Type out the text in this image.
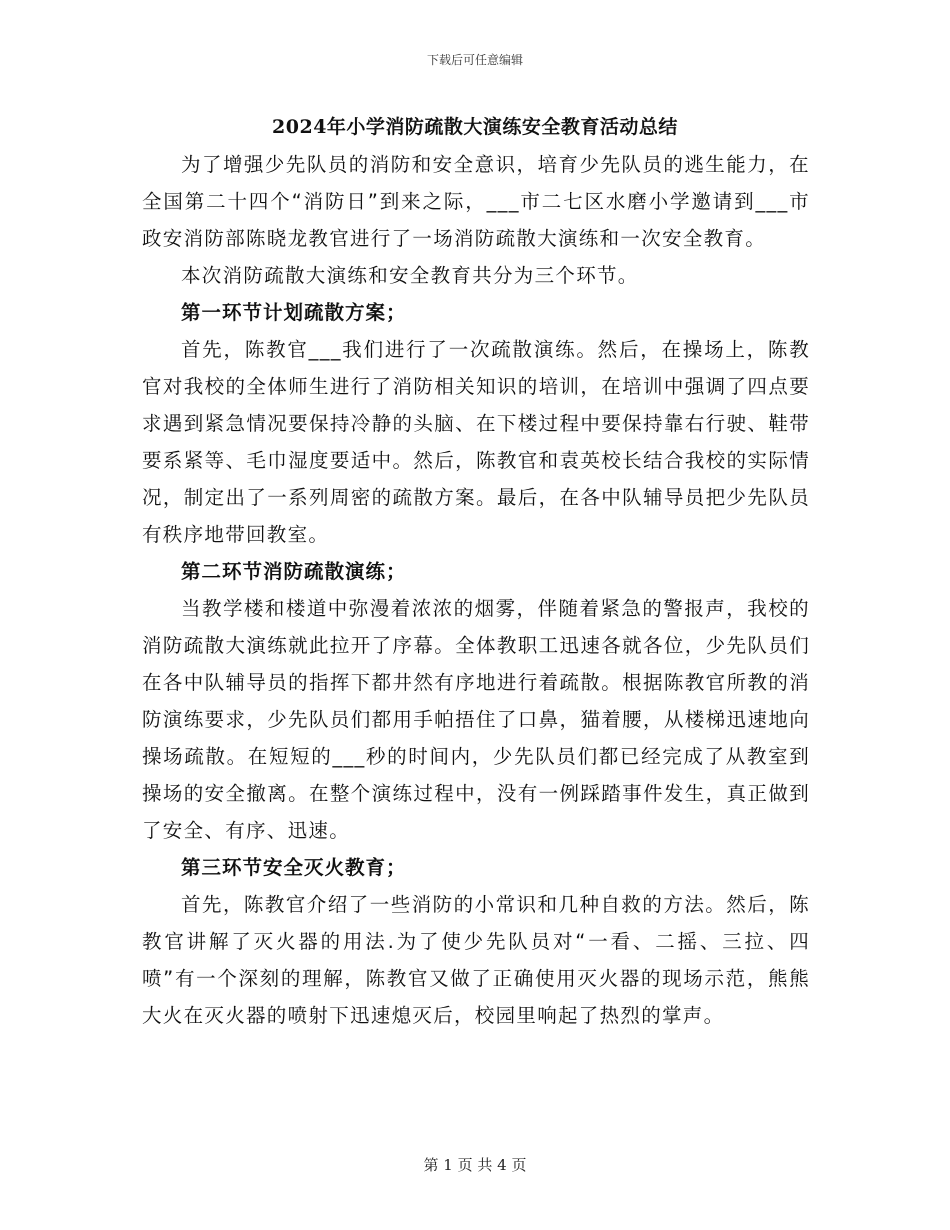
下载后可任意编辑
2024年小学消防疏散大演练安全教育活动总结

为了增强少先队员的消防和安全意识，培育少先队员的逃生能力，在全国第二十四个“消防日”到来之际，___市二七区水磨小学邀请到___市政安消防部陈晓龙教官进行了一场消防疏散大演练和一次安全教育。

本次消防疏散大演练和安全教育共分为三个环节。

第一环节计划疏散方案；

首先，陈教官___我们进行了一次疏散演练。然后，在操场上，陈教官对我校的全体师生进行了消防相关知识的培训，在培训中强调了四点要求遇到紧急情况要保持冷静的头脑、在下楼过程中要保持靠右行驶、鞋带要系紧等、毛巾湿度要适中。然后，陈教官和袁英校长结合我校的实际情况，制定出了一系列周密的疏散方案。最后，在各中队辅导员把少先队员有秩序地带回教室。

第二环节消防疏散演练；

当教学楼和楼道中弥漫着浓浓的烟雾，伴随着紧急的警报声，我校的消防疏散大演练就此拉开了序幕。全体教职工迅速各就各位，少先队员们在各中队辅导员的指挥下都井然有序地进行着疏散。根据陈教官所教的消防演练要求，少先队员们都用手帕捂住了口鼻，猫着腰，从楼梯迅速地向操场疏散。在短短的___秒的时间内，少先队员们都已经完成了从教室到操场的安全撤离。在整个演练过程中，没有一例踩踏事件发生，真正做到了安全、有序、迅速。

第三环节安全灭火教育；

首先，陈教官介绍了一些消防的小常识和几种自救的方法。然后，陈教官讲解了灭火器的用法.为了使少先队员对“一看、二摇、三拉、四喷”有一个深刻的理解，陈教官又做了正确使用灭火器的现场示范，熊熊大火在灭火器的喷射下迅速熄灭后，校园里响起了热烈的掌声。

第 1 页 共 4 页
